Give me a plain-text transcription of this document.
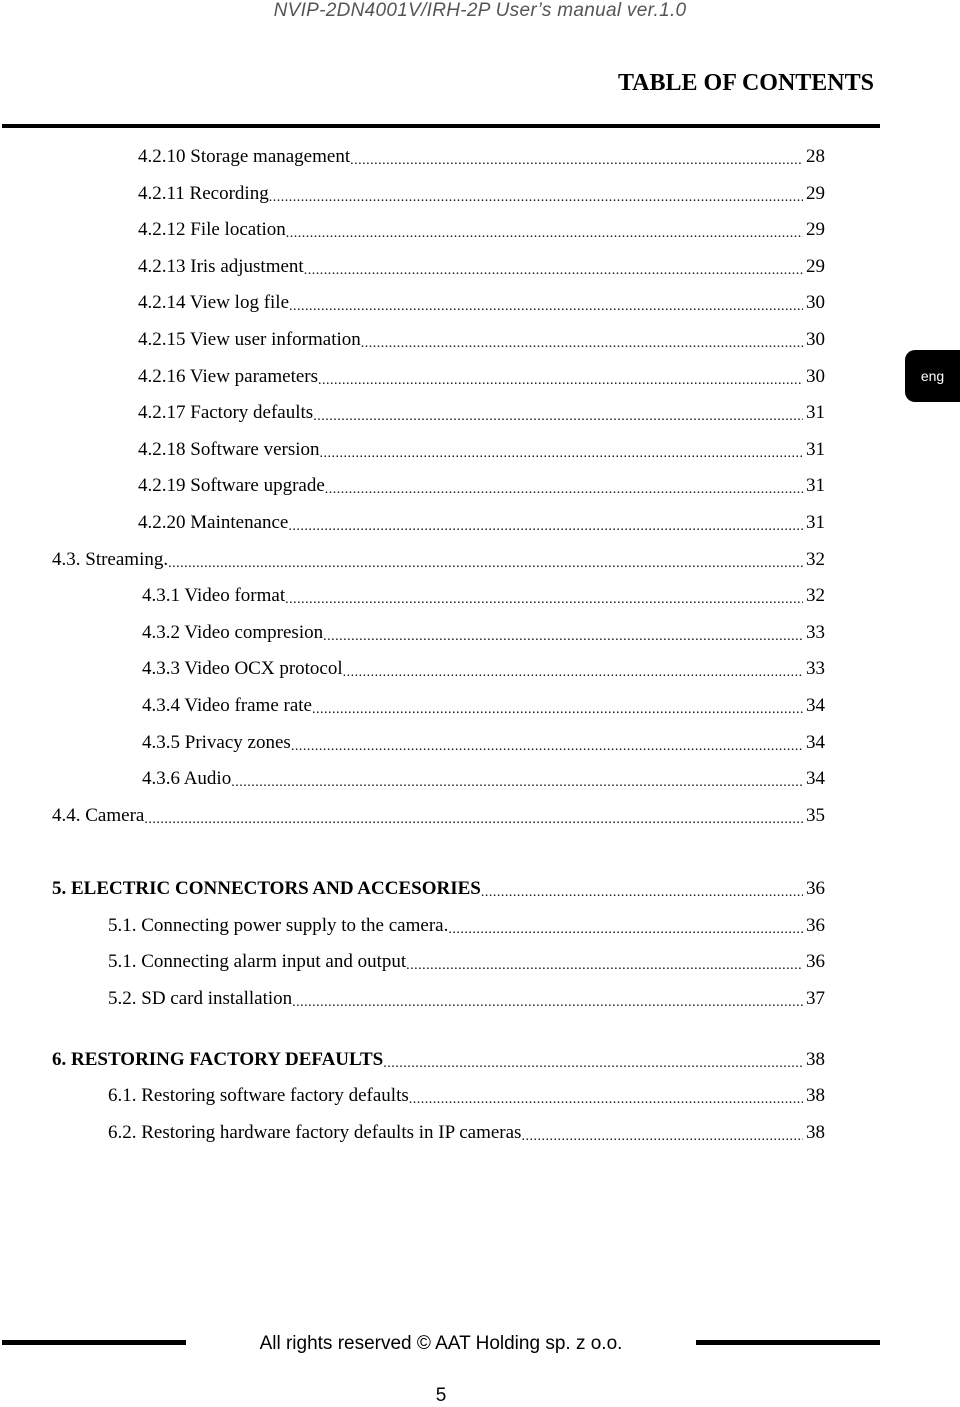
NVIP-2DN4001V/IRH-2P User’s manual ver.1.0
TABLE OF CONTENTS
eng
4.2.10 Storage management .....	28
4.2.11 Recording .....	29
4.2.12 File location .....	29
4.2.13 Iris adjustment .....	29
4.2.14 View log file .....	30
4.2.15 View user information .....	30
4.2.16 View parameters .....	30
4.2.17 Factory defaults .....	31
4.2.18 Software version .....	31
4.2.19 Software upgrade .....	31
4.2.20 Maintenance .....	31
4.3. Streaming. .....	32
4.3.1 Video format .....	32
4.3.2 Video compresion .....	33
4.3.3 Video OCX protocol .....	33
4.3.4 Video frame rate .....	34
4.3.5 Privacy zones .....	34
4.3.6 Audio .....	34
4.4. Camera .....	35
5. ELECTRIC CONNECTORS AND ACCESORIES .....	36
5.1. Connecting power supply to the camera. .....	36
5.1. Connecting alarm input and output .....	36
5.2. SD card installation .....	37
6. RESTORING FACTORY DEFAULTS .....	38
6.1. Restoring software factory defaults .....	38
6.2. Restoring hardware factory defaults in IP cameras .....	38
All rights reserved © AAT Holding sp. z o.o.
5
